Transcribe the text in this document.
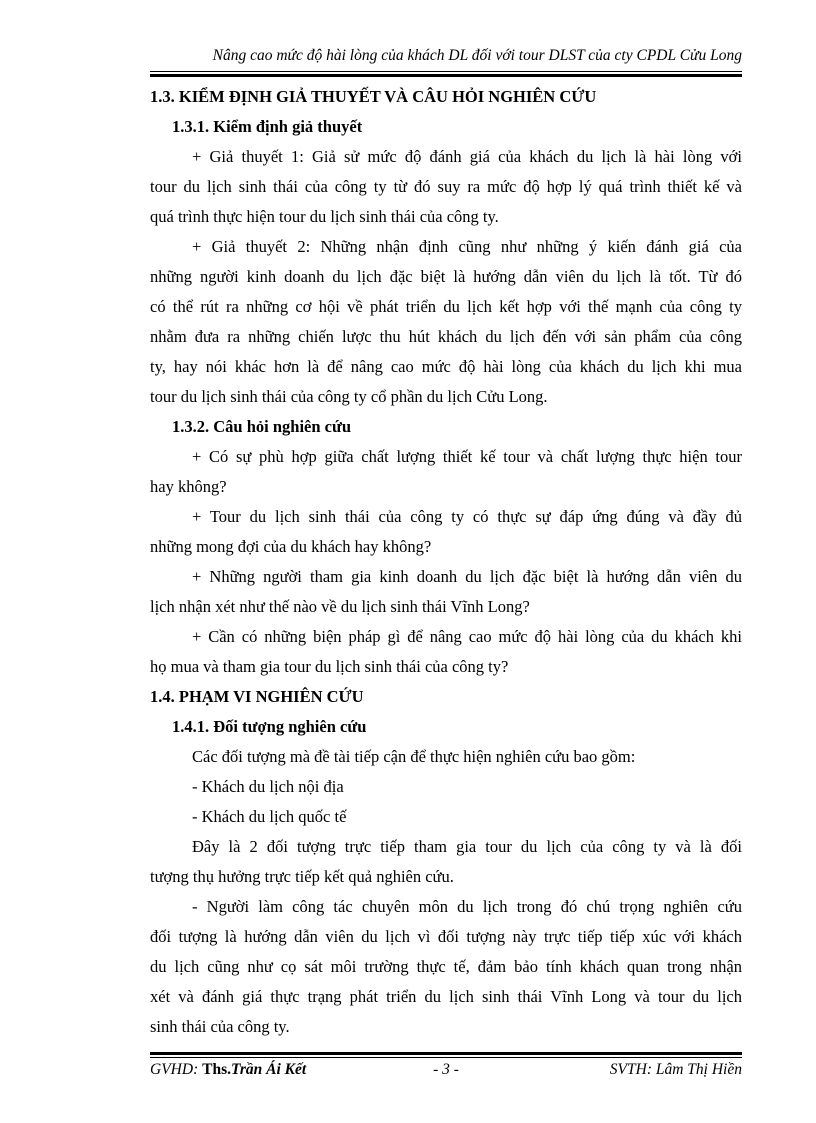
Nâng cao mức độ hài lòng của khách DL đối với tour DLST của cty CPDL Cửu Long
1.3. KIỂM ĐỊNH GIẢ THUYẾT VÀ CÂU HỎI NGHIÊN CỨU
1.3.1. Kiểm định giả thuyết
+ Giả thuyết 1: Giả sử mức độ đánh giá của khách du lịch là hài lòng với
tour du lịch sinh thái của công ty từ đó suy ra mức độ hợp lý quá trình thiết kế và
quá trình thực hiện tour du lịch sinh thái của công ty.
+ Giả thuyết 2: Những nhận định cũng như những ý kiến đánh giá của
những người kinh doanh du lịch đặc biệt là hướng dẫn viên du lịch là tốt. Từ đó
có thể rút ra những cơ hội về phát triển du lịch kết hợp với thế mạnh của công ty
nhằm đưa ra những chiến lược thu hút khách du lịch đến với sản phẩm của công
ty, hay nói khác hơn là để nâng cao mức độ hài lòng của khách du lịch khi mua
tour du lịch sinh thái của công ty cổ phần du lịch Cửu Long.
1.3.2. Câu hỏi nghiên cứu
+ Có sự phù hợp giữa chất lượng thiết kế tour và chất lượng thực hiện tour
hay không?
+ Tour du lịch sinh thái của công ty có thực sự đáp ứng đúng và đầy đủ
những mong đợi của du khách hay không?
+ Những người tham gia kinh doanh du lịch đặc biệt là hướng dẫn viên du
lịch nhận xét như thế nào về du lịch sinh thái Vĩnh Long?
+ Cần có những biện pháp gì để nâng cao mức độ hài lòng của du khách khi
họ mua và tham gia tour du lịch sinh thái của công ty?
1.4. PHẠM VI NGHIÊN CỨU
1.4.1. Đối tượng nghiên cứu
Các đối tượng mà đề tài tiếp cận để thực hiện nghiên cứu bao gồm:
- Khách du lịch nội địa
- Khách du lịch quốc tế
Đây là 2 đối tượng trực tiếp tham gia tour du lịch của công ty và là đối
tượng thụ hưởng trực tiếp kết quả nghiên cứu.
- Người làm công tác chuyên môn du lịch trong đó chú trọng nghiên cứu
đối tượng là hướng dẫn viên du lịch vì đối tượng này trực tiếp tiếp xúc với khách
du lịch cũng như cọ sát môi trường thực tế, đảm bảo tính khách quan trong nhận
xét và đánh giá thực trạng phát triển du lịch sinh thái Vĩnh Long và tour du lịch
sinh thái của công ty.
GVHD: Ths.Trần Ái Kết	- 3 -	SVTH: Lâm Thị Hiền
